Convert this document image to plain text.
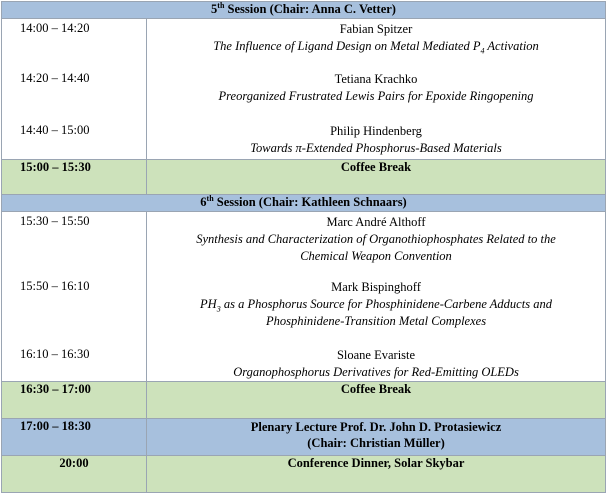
5th Session (Chair: Anna C. Vetter)	
14:00 – 14:20	Fabian Spitzer
The Influence of Ligand Design on Metal Mediated $P_4$ Activation

14:20 – 14:40	Tetiana Krachko
Preorganized Frustrated Lewis Pairs for Epoxide Ringopening

14:40 – 15:00	Philip Hindenberg
Towards π-Extended Phosphorus-Based Materials

15:00 – 15:30	Coffee Break
6th Session (Chair: Kathleen Schnaars)	
15:30 – 15:50	Marc André Althoff
Synthesis and Characterization of Organothiophosphates Related to the
Chemical Weapon Convention

15:50 – 16:10	Mark Bispinghoff
$PH_3$ as a Phosphorus Source for Phosphinidene-Carbene Adducts and
Phosphinidene-Transition Metal Complexes

16:10 – 16:30	Sloane Evariste
Organophosphorus Derivatives for Red-Emitting OLEDs

16:30 – 17:00	Coffee Break
17:00 – 18:30	Plenary Lecture Prof. Dr. John D. Protasiewicz
(Chair: Christian Müller)

20:00	Conference Dinner, Solar Skybar
